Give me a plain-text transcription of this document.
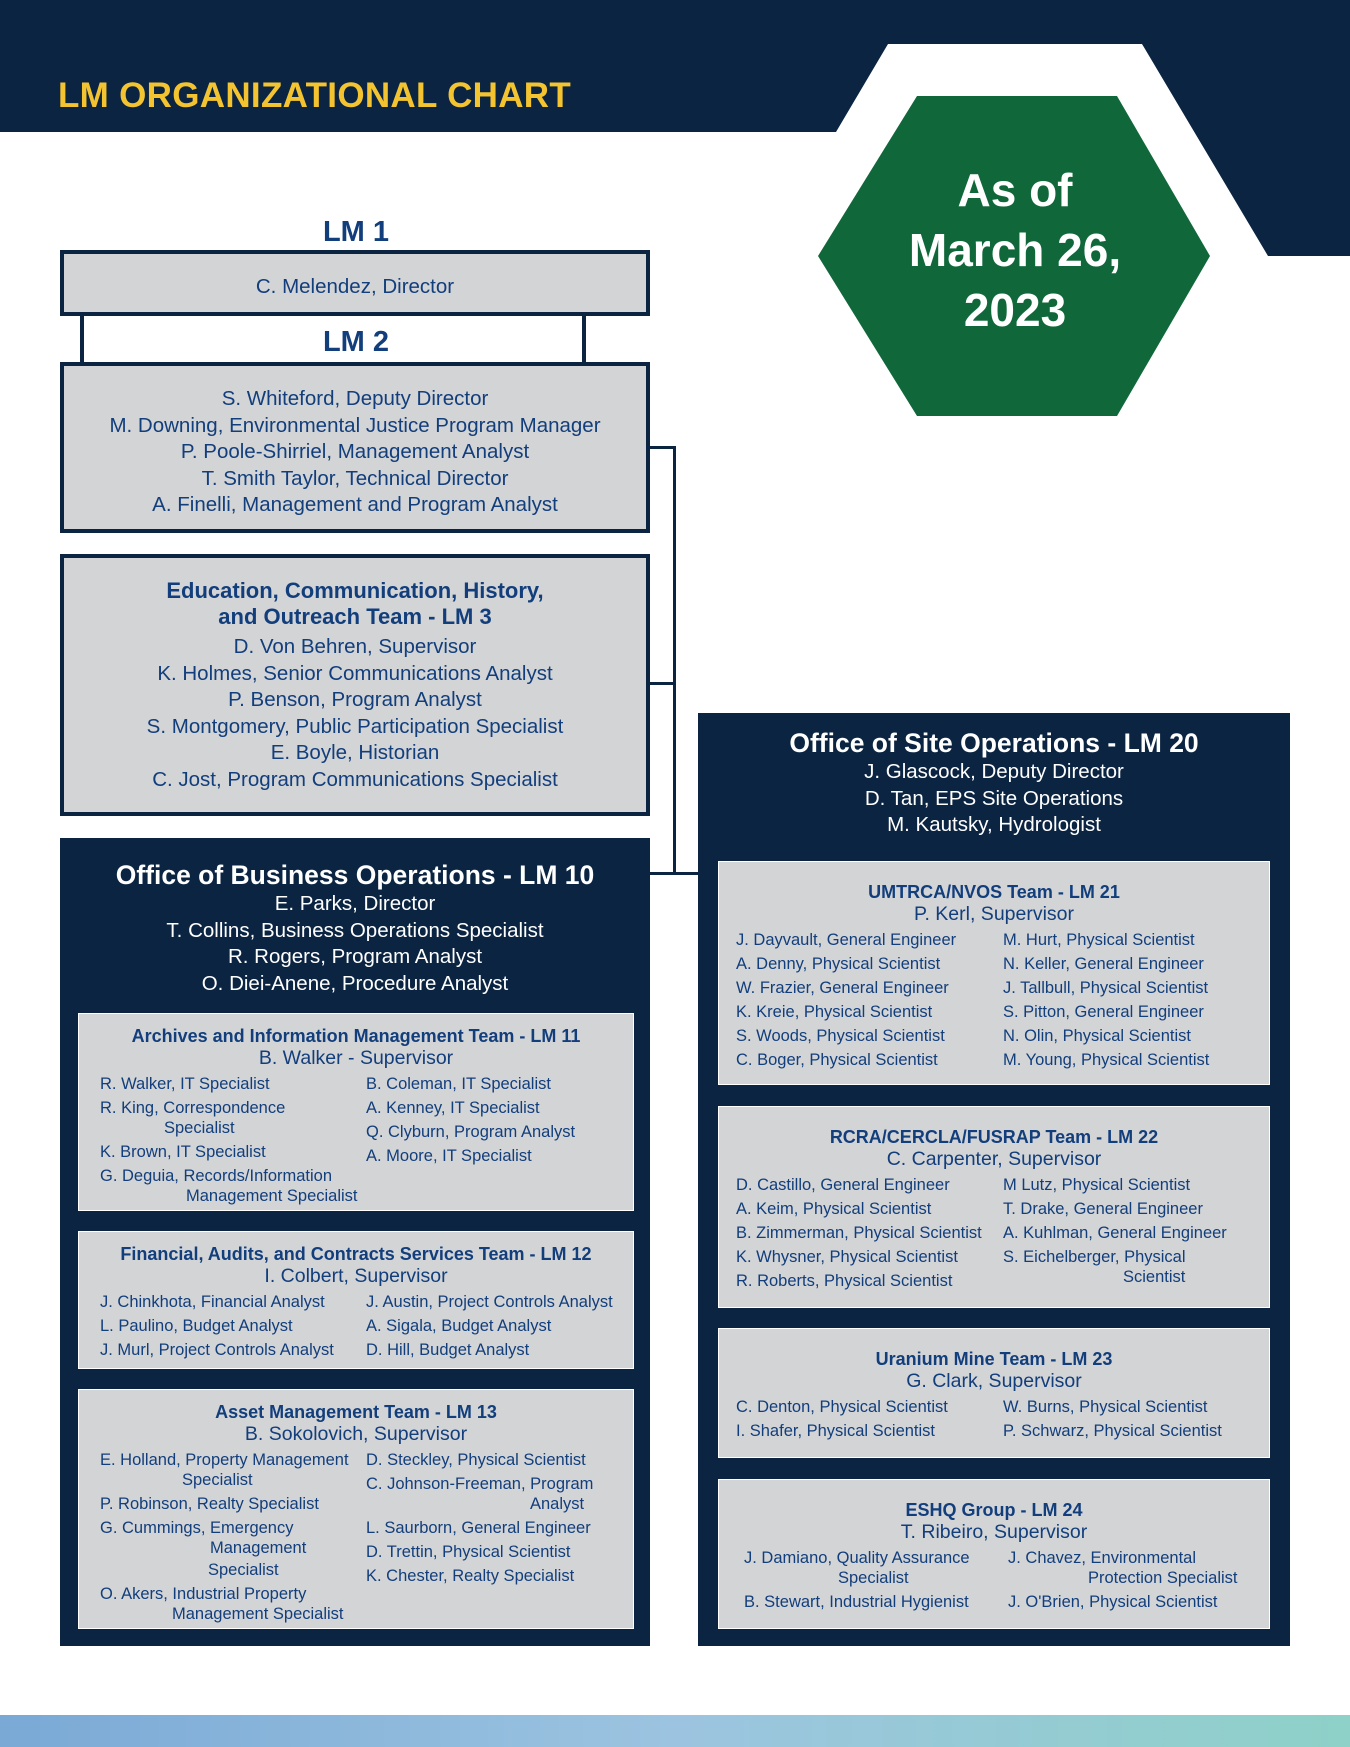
LM ORGANIZATIONAL CHART
As of
March 26,
2023
LM 1
C. Melendez, Director
LM 2
S. Whiteford, Deputy Director
M. Downing, Environmental Justice Program Manager
P. Poole-Shirriel, Management Analyst
T. Smith Taylor, Technical Director
A. Finelli, Management and Program Analyst
Education, Communication, History,
and Outreach Team - LM 3
D. Von Behren, Supervisor
K. Holmes, Senior Communications Analyst
P. Benson, Program Analyst
S. Montgomery, Public Participation Specialist
E. Boyle, Historian
C. Jost, Program Communications Specialist
Office of Business Operations - LM 10
E. Parks, Director
T. Collins, Business Operations Specialist
R. Rogers, Program Analyst
O. Diei-Anene, Procedure Analyst
Office of Site Operations - LM 20
J. Glascock, Deputy Director
D. Tan, EPS Site Operations
M. Kautsky, Hydrologist
Archives and Information Management Team - LM 11
B. Walker - Supervisor
R. Walker, IT Specialist
R. King, Correspondence
Specialist
K. Brown, IT Specialist
G. Deguia, Records/Information
Management Specialist
B. Coleman, IT Specialist
A. Kenney, IT Specialist
Q. Clyburn, Program Analyst
A. Moore, IT Specialist
Financial, Audits, and Contracts Services Team - LM 12
I. Colbert, Supervisor
J. Chinkhota, Financial Analyst
L. Paulino, Budget Analyst
J. Murl, Project Controls Analyst
J. Austin, Project Controls Analyst
A. Sigala, Budget Analyst
D. Hill, Budget Analyst
Asset Management Team - LM 13
B. Sokolovich, Supervisor
E. Holland, Property Management
Specialist
P. Robinson, Realty Specialist
G. Cummings, Emergency
Management
Specialist
O. Akers, Industrial Property
Management Specialist
D. Steckley, Physical Scientist
C. Johnson-Freeman, Program
Analyst
L. Saurborn, General Engineer
D. Trettin, Physical Scientist
K. Chester, Realty Specialist
UMTRCA/NVOS Team - LM 21
P. Kerl, Supervisor
J. Dayvault, General Engineer
A. Denny, Physical Scientist
W. Frazier, General Engineer
K. Kreie, Physical Scientist
S. Woods, Physical Scientist
C. Boger, Physical Scientist
M. Hurt, Physical Scientist
N. Keller, General Engineer
J. Tallbull, Physical Scientist
S. Pitton, General Engineer
N. Olin, Physical Scientist
M. Young, Physical Scientist
RCRA/CERCLA/FUSRAP Team - LM 22
C. Carpenter, Supervisor
D. Castillo, General Engineer
A. Keim, Physical Scientist
B. Zimmerman, Physical Scientist
K. Whysner, Physical Scientist
R. Roberts, Physical Scientist
M Lutz, Physical Scientist
T. Drake, General Engineer
A. Kuhlman, General Engineer
S. Eichelberger, Physical
Scientist
Uranium Mine Team - LM 23
G. Clark, Supervisor
C. Denton, Physical Scientist
I. Shafer, Physical Scientist
W. Burns, Physical Scientist
P. Schwarz, Physical Scientist
ESHQ Group - LM 24
T. Ribeiro, Supervisor
J. Damiano, Quality Assurance
Specialist
B. Stewart, Industrial Hygienist
J. Chavez, Environmental
Protection Specialist
J. O'Brien, Physical Scientist
